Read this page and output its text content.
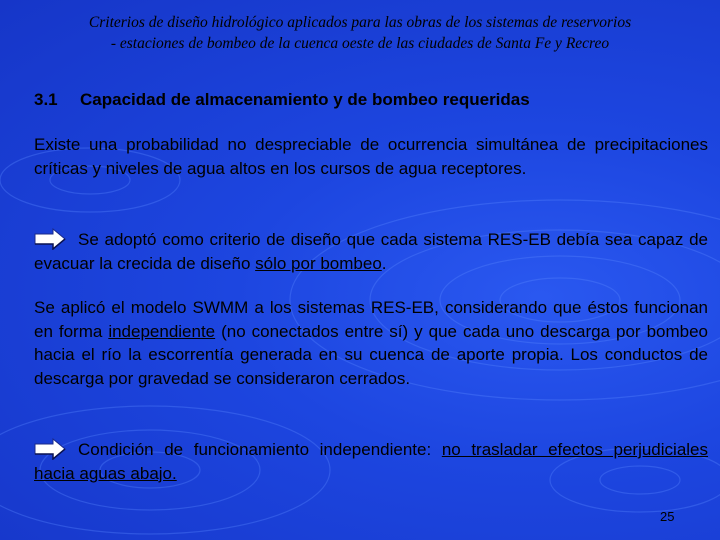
Criterios de diseño hidrológico aplicados para las obras de los sistemas de reservorios
- estaciones de bombeo de la cuenca oeste de las ciudades de Santa Fe y Recreo
3.1 Capacidad de almacenamiento y de bombeo requeridas
Existe una probabilidad no despreciable de ocurrencia simultánea de precipitaciones críticas y niveles de agua altos en los cursos de agua receptores.
Se adoptó como criterio de diseño que cada sistema RES-EB debía sea capaz de evacuar la crecida de diseño sólo por bombeo.
Se aplicó el modelo SWMM a los sistemas RES-EB, considerando que éstos funcionan en forma independiente (no conectados entre sí) y que cada uno descarga por bombeo hacia el río la escorrentía generada en su cuenca de aporte propia. Los conductos de descarga por gravedad se consideraron cerrados.
Condición de funcionamiento independiente: no trasladar efectos perjudiciales hacia aguas abajo.
25
